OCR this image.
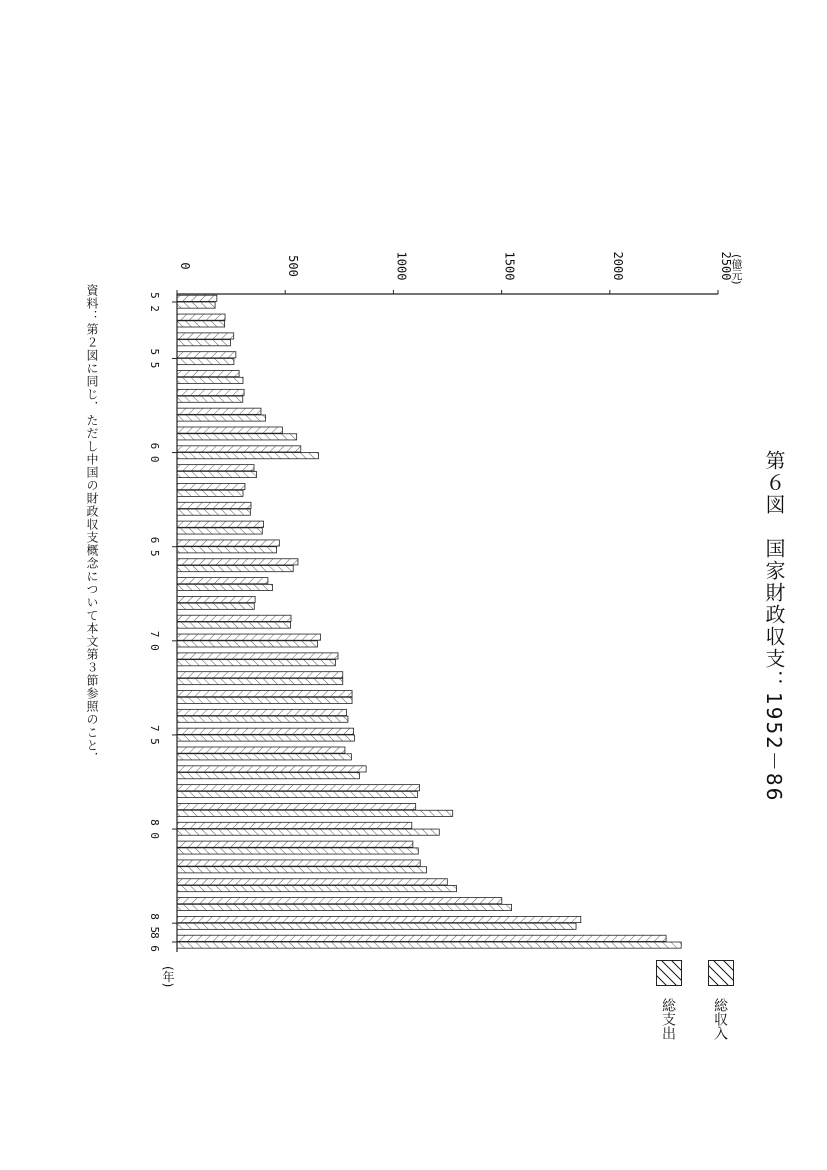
第６図　国家財政収支：1952－86
資料：第２図に同じ．ただし中国の財政収支概念について本文第３節参照のこと．
(億元)
(年)
総収入
総支出
0	500	1000	1500	2000	2500
5 2
5 5
6 0
6 5
7 0
7 5
8 0
8 5
8 6
